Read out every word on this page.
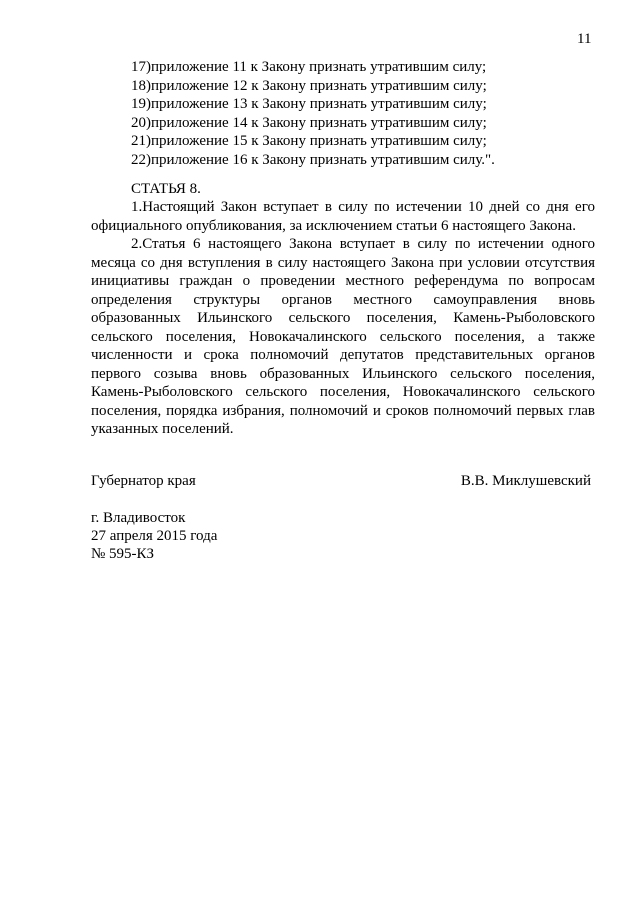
11
17)приложение 11 к Закону признать утратившим силу;
18)приложение 12 к Закону признать утратившим силу;
19)приложение 13 к Закону признать утратившим силу;
20)приложение 14 к Закону признать утратившим силу;
21)приложение 15 к Закону признать утратившим силу;
22)приложение 16 к Закону признать утратившим силу.".
СТАТЬЯ 8.

1.Настоящий Закон вступает в силу по истечении 10 дней со дня его официального опубликования, за исключением статьи 6 настоящего Закона.

2.Статья 6 настоящего Закона вступает в силу по истечении одного месяца со дня вступления в силу настоящего Закона при условии отсутствия инициативы граждан о проведении местного референдума по вопросам определения структуры органов местного самоуправления вновь образованных Ильинского сельского поселения, Камень-Рыболовского сельского поселения, Новокачалинского сельского поселения, а также численности и срока полномочий депутатов представительных органов первого созыва вновь образованных Ильинского сельского поселения, Камень-Рыболовского сельского поселения, Новокачалинского сельского поселения, порядка избрания, полномочий и сроков полномочий первых глав указанных поселений.

Губернатор края	В.В. Миклушевский
г. Владивосток
27 апреля 2015 года
№ 595-КЗ
